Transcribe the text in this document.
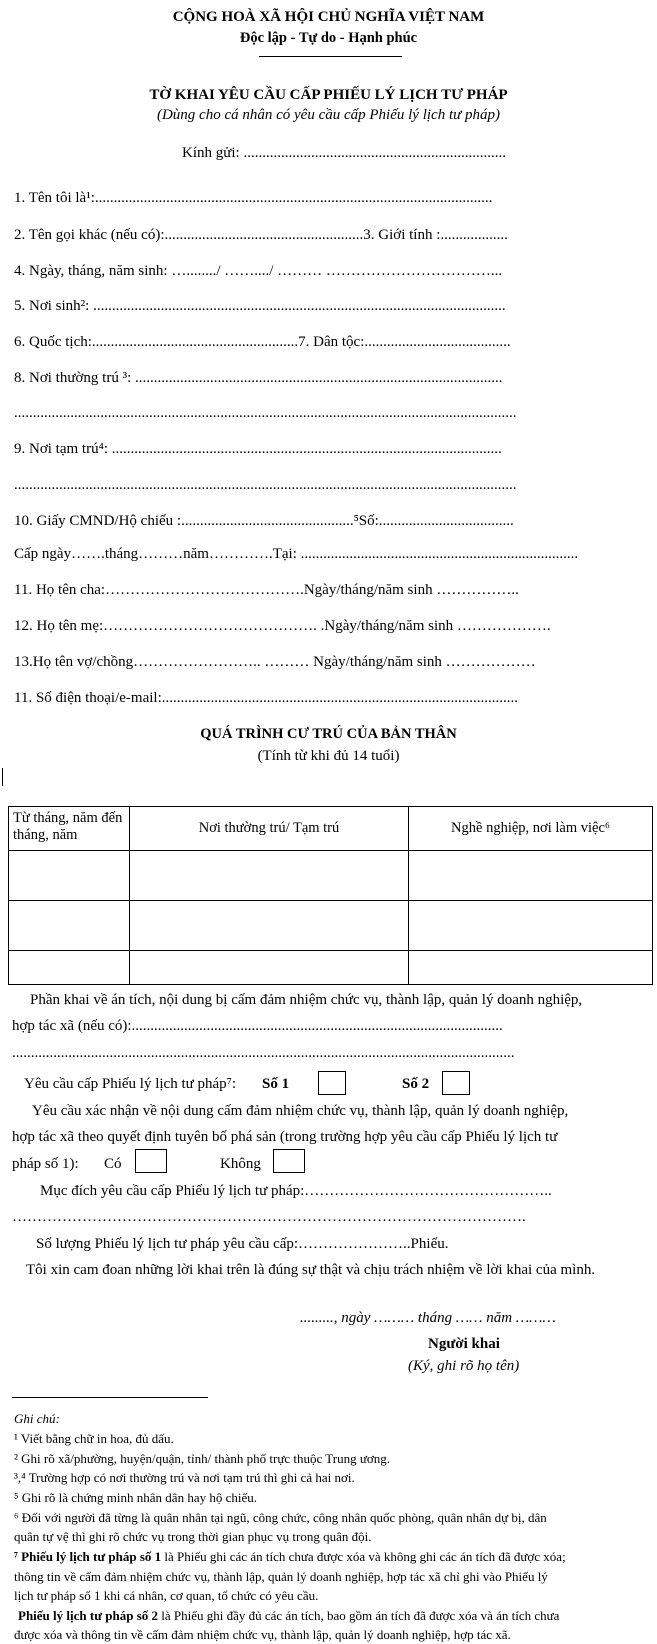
CỘNG HOÀ XÃ HỘI CHỦ NGHĨA VIỆT NAM
Độc lập - Tự do - Hạnh phúc
TỜ KHAI YÊU CẦU CẤP PHIẾU LÝ LỊCH TƯ PHÁP
(Dùng cho cá nhân có yêu cầu cấp Phiếu lý lịch tư pháp)
Kính gửi: ......................................................................
1. Tên tôi là¹:..........................................................................................................
2. Tên gọi khác (nếu có):.....................................................3. Giới tính :..................
4. Ngày, tháng, năm sinh: …......../ ……..../ ……… ……………………………...
5. Nơi sinh²: ..............................................................................................................
6. Quốc tịch:.......................................................7. Dân tộc:.......................................
8. Nơi thường trú ³: ..................................................................................................
......................................................................................................................................
9. Nơi tạm trú⁴: ........................................................................................................
......................................................................................................................................
10. Giấy CMND/Hộ chiếu :..............................................⁵Số:....................................
Cấp ngày…….tháng………năm………….Tại: ..........................................................................
11. Họ tên cha:………………………………….Ngày/tháng/năm sinh ……………..
12. Họ tên mẹ:……………………………………. .Ngày/tháng/năm sinh ……………….
13.Họ tên vợ/chồng…………………….. ……… Ngày/tháng/năm sinh ………………
11. Số điện thoại/e-mail:...............................................................................................
QUÁ TRÌNH CƯ TRÚ CỦA BẢN THÂN
(Tính từ khi đủ 14 tuổi)
Từ tháng, năm đến tháng, năm	Nơi thường trú/ Tạm trú	Nghề nghiệp, nơi làm việc⁶

Phần khai về án tích, nội dung bị cấm đảm nhiệm chức vụ, thành lập, quản lý doanh nghiệp,
hợp tác xã (nếu có):...................................................................................................
......................................................................................................................................
Yêu cầu cấp Phiếu lý lịch tư pháp⁷: Số 1	Số 2
Yêu cầu xác nhận về nội dung cấm đảm nhiệm chức vụ, thành lập, quản lý doanh nghiệp,
hợp tác xã theo quyết định tuyên bố phá sản (trong trường hợp yêu cầu cấp Phiếu lý lịch tư
pháp số 1): Có	Không
Mục đích yêu cầu cấp Phiếu lý lịch tư pháp:…………………………………………..
………………………………………………………………………………………….
Số lượng Phiếu lý lịch tư pháp yêu cầu cấp:…………………..Phiếu.
Tôi xin cam đoan những lời khai trên là đúng sự thật và chịu trách nhiệm về lời khai của mình.
........., ngày ……… tháng …… năm ………
Người khai
(Ký, ghi rõ họ tên)
Ghi chú:
¹ Viết bằng chữ in hoa, đủ dấu.
² Ghi rõ xã/phường, huyện/quận, tỉnh/ thành phố trực thuộc Trung ương.
³,⁴ Trường hợp có nơi thường trú và nơi tạm trú thì ghi cả hai nơi.
⁵ Ghi rõ là chứng minh nhân dân hay hộ chiếu.
⁶ Đối với người đã từng là quân nhân tại ngũ, công chức, công nhân quốc phòng, quân nhân dự bị, dân
quân tự vệ thì ghi rõ chức vụ trong thời gian phục vụ trong quân đội.
⁷ Phiếu lý lịch tư pháp số 1 là Phiếu ghi các án tích chưa được xóa và không ghi các án tích đã được xóa;
thông tin về cấm đảm nhiệm chức vụ, thành lập, quản lý doanh nghiệp, hợp tác xã chỉ ghi vào Phiếu lý
lịch tư pháp số 1 khi cá nhân, cơ quan, tổ chức có yêu cầu.
Phiếu lý lịch tư pháp số 2 là Phiếu ghi đầy đủ các án tích, bao gồm án tích đã được xóa và án tích chưa
được xóa và thông tin về cấm đảm nhiệm chức vụ, thành lập, quản lý doanh nghiệp, hợp tác xã.
